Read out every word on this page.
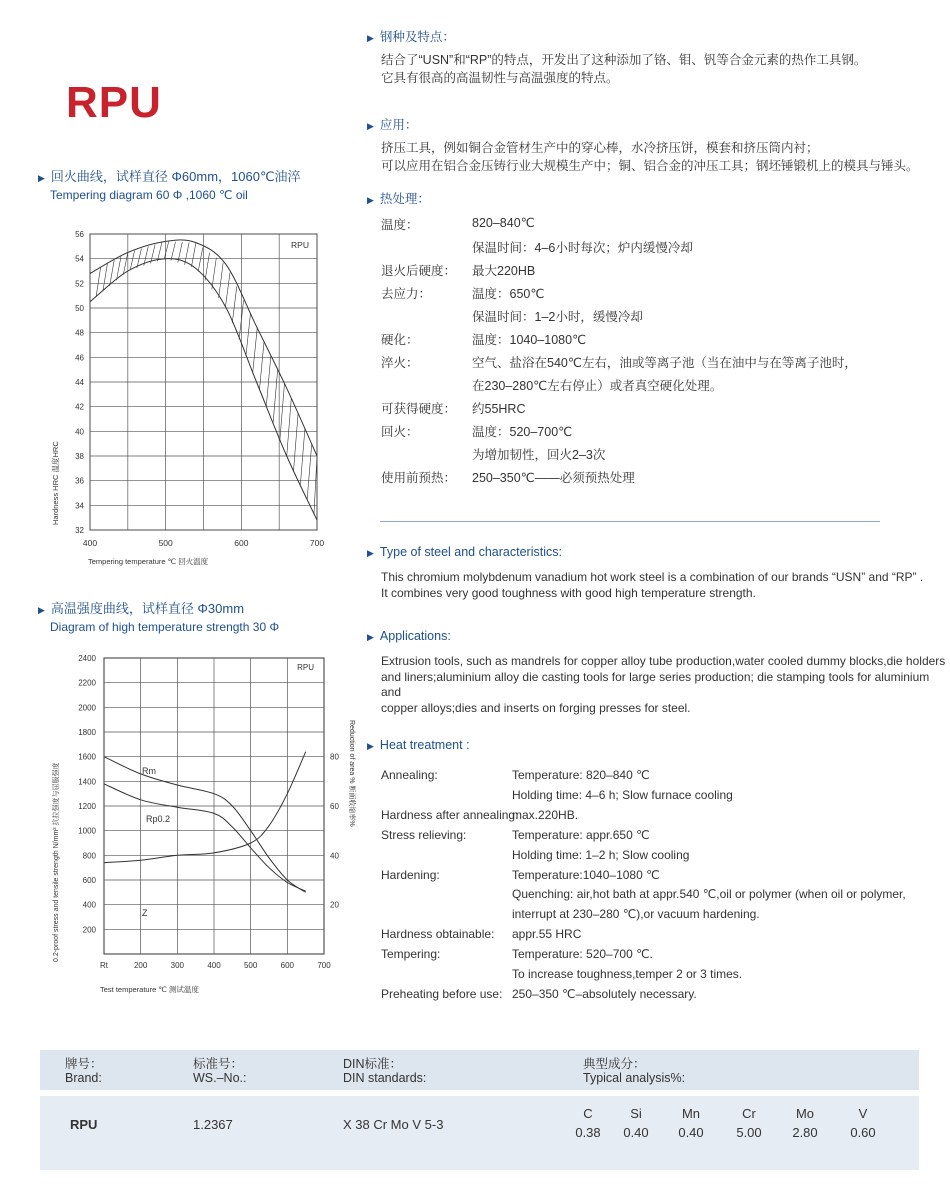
RPU
▶ 回火曲线，试样直径 Φ60mm，1060℃油淬
Tempering diagram 60 Φ ,1060 ℃ oil
32
34
36
38
40
42
44
46
48
50
52
54
56
400	500	600	700
RPU
Hardness HRC 温度HRC
Tempering temperature ℃ 回火温度
▶ 高温强度曲线，试样直径 Φ30mm
Diagram of high temperature strength 30 Φ
200
400
600
800
1000
1200
1400
1600
1800
2000
2200
2400
Rt	200	300	400	500	600	700
20
40
60
80
Rm
Rp0.2
Z
RPU
0.2-proof stress and tensile strength N/mm² 抗拉强度与屈服强度	Reduction of area % 断面收缩率%
Test temperature ℃ 测试温度
▶ 钢种及特点：
结合了“USN”和“RP”的特点，开发出了这种添加了铬、钼、钒等合金元素的热作工具钢。
它具有很高的高温韧性与高温强度的特点。
▶ 应用：
挤压工具，例如铜合金管材生产中的穿心棒，水冷挤压饼，模套和挤压筒内衬；
可以应用在铝合金压铸行业大规模生产中；铜、铝合金的冲压工具；钢坯锤锻机上的模具与锤头。
▶ 热处理：
温度：	820–840℃
保温时间：4–6小时每次；炉内缓慢冷却
退火后硬度： 最大220HB
去应力：	温度：650℃
保温时间：1–2小时，缓慢冷却
硬化：	温度：1040–1080℃
淬火：	空气、盐浴在540℃左右，油或等离子池（当在油中与在等离子池时，
在230–280℃左右停止）或者真空硬化处理。
可获得硬度： 约55HRC
回火：	温度：520–700℃
为增加韧性，回火2–3次
使用前预热： 250–350℃——必须预热处理
▶ Type of steel and characteristics:
This chromium molybdenum vanadium hot work steel is a combination of our brands “USN” and “RP” .
It combines very good toughness with good high temperature strength.
▶ Applications:
Extrusion tools, such as mandrels for copper alloy tube production,water cooled dummy blocks,die holders
and liners;aluminium alloy die casting tools for large series production; die stamping tools for aluminium and
copper alloys;dies and inserts on forging presses for steel.
▶ Heat treatment :
Annealing:	Temperature: 820–840 ℃
Holding time: 4–6 h; Slow furnace cooling
Hardness after annealing:
max.220HB.
Stress relieving:	Temperature: appr.650 ℃
Holding time: 1–2 h; Slow cooling
Hardening:	Temperature:1040–1080 ℃
Quenching: air,hot bath at appr.540 ℃,oil or polymer (when oil or polymer,
interrupt at 230–280 ℃),or vacuum hardening.
Hardness obtainable: appr.55 HRC
Tempering:	Temperature: 520–700 ℃.
To increase toughness,temper 2 or 3 times.
Preheating before use: 250–350 ℃–absolutely necessary.
牌号：
Brand:
标准号：
WS.–No.:
DIN标准：
DIN standards:
典型成分：
Typical analysis%:
RPU	1.2367	X 38 Cr Mo V 5-3
C
0.38
Si
0.40
Mn
0.40
Cr
5.00
Mo
2.80
V
0.60
